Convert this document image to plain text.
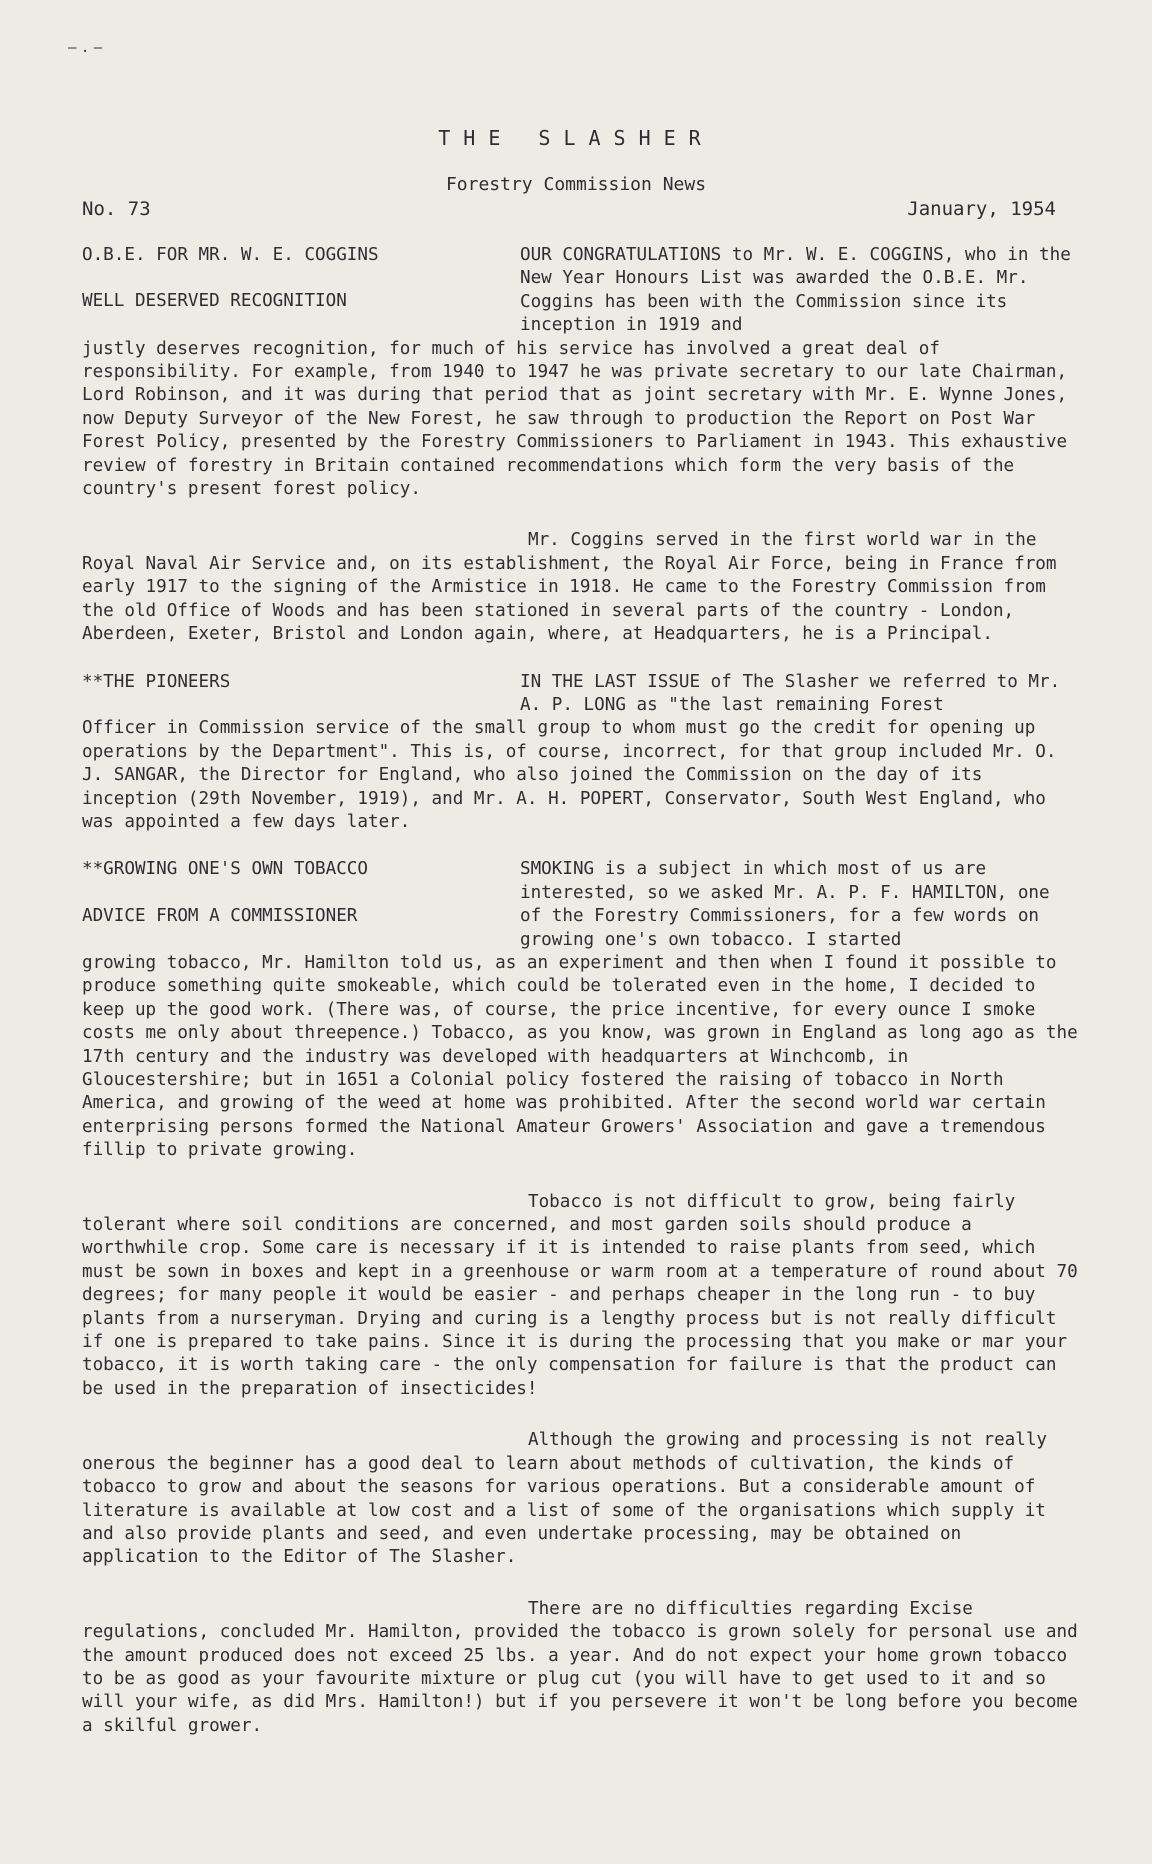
— . —
THE SLASHER
Forestry Commission News
No. 73	January, 1954
O.B.E. FOR MR. W. E. COGGINS
WELL DESERVED RECOGNITION

OUR CONGRATULATIONS to Mr. W. E. COGGINS, who in the New Year Honours List was awarded the O.B.E. Mr. Coggins has been with the Commission since its inception in 1919 and

justly deserves recognition, for much of his service has involved a great deal of responsibility. For example, from 1940 to 1947 he was private secretary to our late Chairman, Lord Robinson, and it was during that period that as joint secretary with Mr. E. Wynne Jones, now Deputy Surveyor of the New Forest, he saw through to production the Report on Post War Forest Policy, presented by the Forestry Commissioners to Parliament in 1943. This exhaustive review of forestry in Britain contained recommendations which form the very basis of the country's present forest policy.

Mr. Coggins served in the first world war in the Royal Naval Air Service and, on its establishment, the Royal Air Force, being in France from early 1917 to the signing of the Armistice in 1918. He came to the Forestry Commission from the old Office of Woods and has been stationed in several parts of the country - London, Aberdeen, Exeter, Bristol and London again, where, at Headquarters, he is a Principal.

**THE PIONEERS	IN THE LAST ISSUE of The Slasher we referred to Mr. A. P. LONG as "the last remaining Forest

Officer in Commission service of the small group to whom must go the credit for opening up operations by the Department". This is, of course, incorrect, for that group included Mr. O. J. SANGAR, the Director for England, who also joined the Commission on the day of its inception (29th November, 1919), and Mr. A. H. POPERT, Conservator, South West England, who was appointed a few days later.

**GROWING ONE'S OWN TOBACCO
ADVICE FROM A COMMISSIONER

SMOKING is a subject in which most of us are interested, so we asked Mr. A. P. F. HAMILTON, one of the Forestry Commissioners, for a few words on growing one's own tobacco. I started

growing tobacco, Mr. Hamilton told us, as an experiment and then when I found it possible to produce something quite smokeable, which could be tolerated even in the home, I decided to keep up the good work. (There was, of course, the price incentive, for every ounce I smoke costs me only about threepence.) Tobacco, as you know, was grown in England as long ago as the 17th century and the industry was developed with headquarters at Winchcomb, in Gloucestershire; but in 1651 a Colonial policy fostered the raising of tobacco in North America, and growing of the weed at home was prohibited. After the second world war certain enterprising persons formed the National Amateur Growers' Association and gave a tremendous fillip to private growing.

Tobacco is not difficult to grow, being fairly tolerant where soil conditions are concerned, and most garden soils should produce a worthwhile crop. Some care is necessary if it is intended to raise plants from seed, which must be sown in boxes and kept in a greenhouse or warm room at a temperature of round about 70 degrees; for many people it would be easier - and perhaps cheaper in the long run - to buy plants from a nurseryman. Drying and curing is a lengthy process but is not really difficult if one is prepared to take pains. Since it is during the processing that you make or mar your tobacco, it is worth taking care - the only compensation for failure is that the product can be used in the preparation of insecticides!

Although the growing and processing is not really onerous the beginner has a good deal to learn about methods of cultivation, the kinds of tobacco to grow and about the seasons for various operations. But a considerable amount of literature is available at low cost and a list of some of the organisations which supply it and also provide plants and seed, and even undertake processing, may be obtained on application to the Editor of The Slasher.

There are no difficulties regarding Excise regulations, concluded Mr. Hamilton, provided the tobacco is grown solely for personal use and the amount produced does not exceed 25 lbs. a year. And do not expect your home grown tobacco to be as good as your favourite mixture or plug cut (you will have to get used to it and so will your wife, as did Mrs. Hamilton!) but if you persevere it won't be long before you become a skilful grower.
